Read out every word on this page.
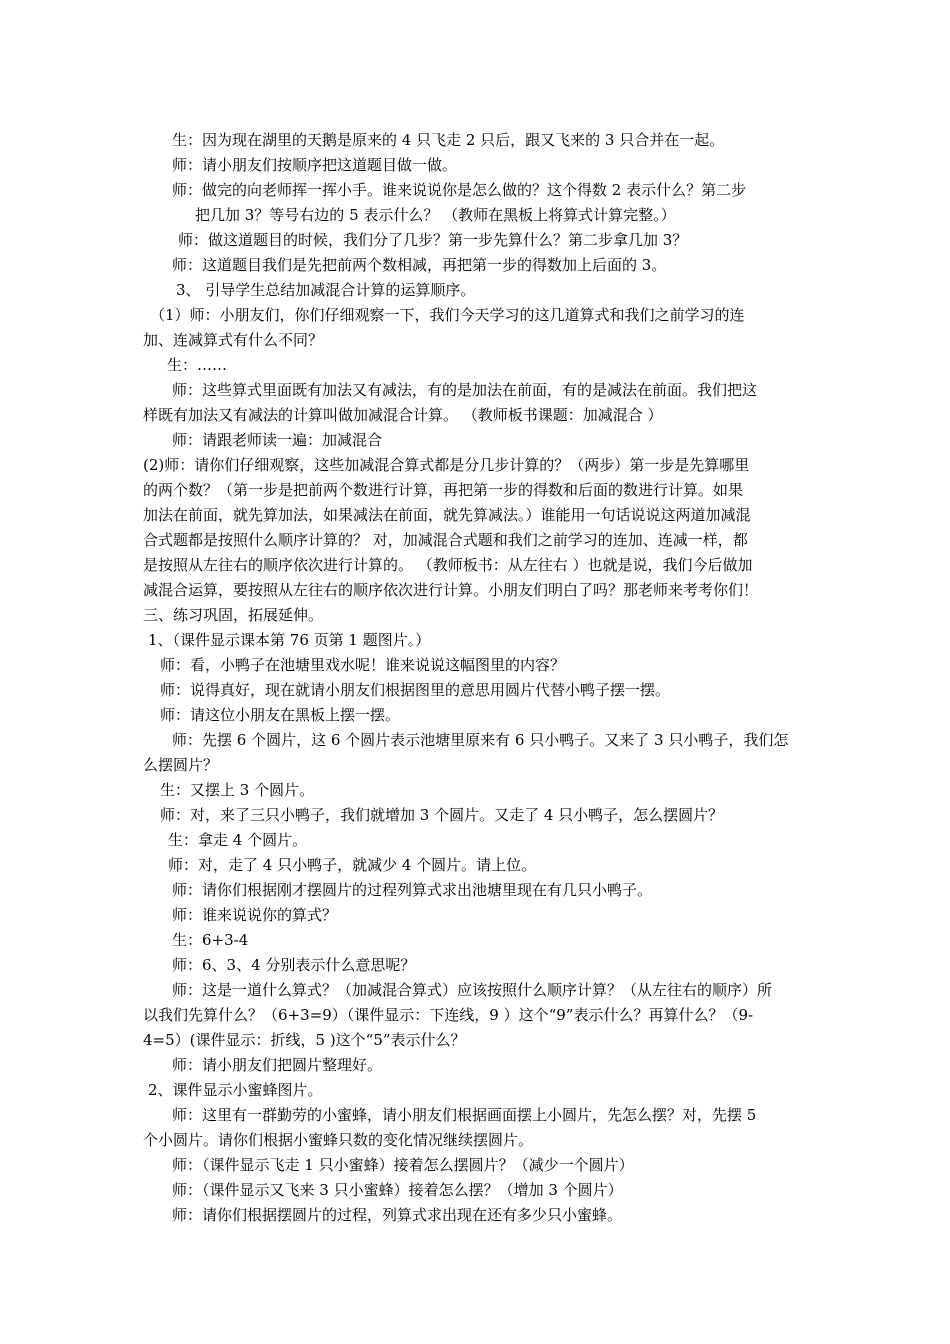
生：因为现在湖里的天鹅是原来的 4 只飞走 2 只后，跟又飞来的 3 只合并在一起。
师：请小朋友们按顺序把这道题目做一做。
师：做完的向老师挥一挥小手。谁来说说你是怎么做的？这个得数 2 表示什么？第二步
把几加 3？等号右边的 5 表示什么？ （教师在黑板上将算式计算完整。）
师：做这道题目的时候，我们分了几步？第一步先算什么？第二步拿几加 3？
师：这道题目我们是先把前两个数相减，再把第一步的得数加上后面的 3。
3、 引导学生总结加减混合计算的运算顺序。
（1）师：小朋友们，你们仔细观察一下，我们今天学习的这几道算式和我们之前学习的连
加、连减算式有什么不同？
生：……
师：这些算式里面既有加法又有减法，有的是加法在前面，有的是减法在前面。我们把这
样既有加法又有减法的计算叫做加减混合计算。 （教师板书课题：加减混合 ）
师：请跟老师读一遍：加减混合
(2)师：请你们仔细观察，这些加减混合算式都是分几步计算的？（两步）第一步是先算哪里
的两个数？（第一步是把前两个数进行计算，再把第一步的得数和后面的数进行计算。如果
加法在前面，就先算加法，如果减法在前面，就先算减法。）谁能用一句话说说这两道加减混
合式题都是按照什么顺序计算的？ 对，加减混合式题和我们之前学习的连加、连减一样，都
是按照从左往右的顺序依次进行计算的。 （教师板书：从左往右 ）也就是说，我们今后做加
减混合运算，要按照从左往右的顺序依次进行计算。小朋友们明白了吗？那老师来考考你们！
三、练习巩固，拓展延伸。
1、（课件显示课本第 76 页第 1 题图片。）
师：看，小鸭子在池塘里戏水呢！谁来说说这幅图里的内容？
师：说得真好，现在就请小朋友们根据图里的意思用圆片代替小鸭子摆一摆。
师：请这位小朋友在黑板上摆一摆。
师：先摆 6 个圆片，这 6 个圆片表示池塘里原来有 6 只小鸭子。又来了 3 只小鸭子，我们怎
么摆圆片？
生：又摆上 3 个圆片。
师：对，来了三只小鸭子，我们就增加 3 个圆片。又走了 4 只小鸭子，怎么摆圆片？
生：拿走 4 个圆片。
师：对，走了 4 只小鸭子，就减少 4 个圆片。请上位。
师：请你们根据刚才摆圆片的过程列算式求出池塘里现在有几只小鸭子。
师：谁来说说你的算式？
生：6+3-4
师：6、3、4 分别表示什么意思呢？
师：这是一道什么算式？（加减混合算式）应该按照什么顺序计算？（从左往右的顺序）所
以我们先算什么？（6+3=9）（课件显示：下连线，9 ）这个“9”表示什么？再算什么？（9-
4=5）(课件显示：折线，5 )这个“5”表示什么？
师：请小朋友们把圆片整理好。
2、课件显示小蜜蜂图片。
师：这里有一群勤劳的小蜜蜂，请小朋友们根据画面摆上小圆片，先怎么摆？对，先摆 5
个小圆片。请你们根据小蜜蜂只数的变化情况继续摆圆片。
师：（课件显示飞走 1 只小蜜蜂）接着怎么摆圆片？（减少一个圆片）
师：（课件显示又飞来 3 只小蜜蜂）接着怎么摆？（增加 3 个圆片）
师：请你们根据摆圆片的过程，列算式求出现在还有多少只小蜜蜂。
